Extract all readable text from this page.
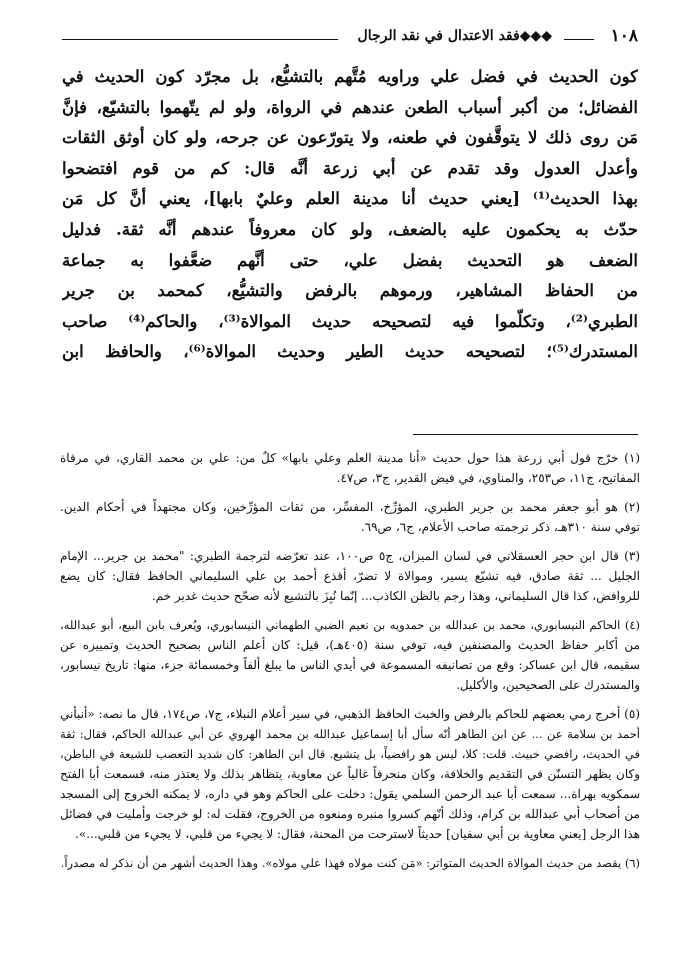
١٠٨
◆◆◆فقد الاعتدال في نقد الرجال
كون الحديث في فضل علي وراويه مُتَّهم بالتشيُّع، بل مجرّد كون الحديث في
الفضائل؛ من أكبر أسباب الطعن عندهم في الرواة، ولو لم يتّهموا بالتشيّع، فإنَّ
مَن روى ذلك لا يتوقَّفون في طعنه، ولا يتورّعون عن جرحه، ولو كان أوثق الثقات
وأعدل العدول وقد تقدم عن أبي زرعة أنَّه قال: كم من قوم افتضحوا
بهذا الحديث⁽¹⁾ [يعني حديث أنا مدينة العلم وعليٌ بابها]، يعني أنَّ كل مَن
حدّث به يحكمون عليه بالضعف، ولو كان معروفاً عندهم أنَّه ثقة. فدليل
الضعف هو التحديث بفضل علي، حتى أنَّهم ضعَّفوا به جماعة
من الحفاظ المشاهير، ورموهم بالرفض والتشيُّع، كمحمد بن جرير
الطبري⁽²⁾، وتكلّموا فيه لتصحيحه حديث الموالاة⁽³⁾، والحاكم⁽⁴⁾ صاحب
المستدرك⁽⁵⁾؛ لتصحيحه حديث الطير وحديث الموالاة⁽⁶⁾، والحافظ ابن
(١) خرّج قول أبي زرعة هذا حول حديث «أنا مدينة العلم وعلي بابها» كلٌ من: علي بن محمد القاري، في مرقاة
المفاتيح، ج١١، ص٢٥٣، والمناوي، في فيض القدير، ج٣، ص٤٧.
(٢) هو أبو جعفر محمد بن جرير الطبري، المؤرِّخ، المفسِّر، من ثقات المؤرِّخين، وكان مجتهداً في أحكام الدين.
توفي سنة ٣١٠هـ، ذكر ترجمته صاحب الأعلام، ج٦، ص٦٩.
(٣) قال ابن حجر العسقلاني في لسان الميزان، ج٥ ص١٠٠، عند تعرّضه لترجمة الطبري: "محمد بن جرير... الإمام
الجليل ... ثقة صادق، فيه تشيّع يسير، وموالاة لا تضرّ، أقذع أحمد بن علي السليماني الحافظ فقال: كان يضع
للروافض، كذا قال السليماني، وهذا رجم بالظن الكاذب... إنّما نُبِزَ بالتشيع لأنه صحّح حديث غدير خم.
(٤) الحاكم النيسابوري، محمد بن عبدالله بن حمدويه بن نعيم الضبي الطهماني النيسابوري، ويُعرف بابن البيع، أبو عبدالله،
من أكابر حفاظ الحديث والمصنفين فيه، توفي سنة (٤٠٥هـ)، قيل: كان أعلم الناس بصحيح الحديث وتمييزه عن
سقيمه، قال ابن عساكر: وقع من تصانيفه المسموعة في أيدي الناس ما يبلغ ألفاً وخمسمائة جزء، منها: تاريخ نيسابور،
والمستدرك على الصحيحين، والأكليل.
(٥) أخرج رمي بعضهم للحاكم بالرفض والخبث الحافظ الذهبي، في سير أعلام النبلاء، ج٧، ص١٧٤، قال ما نصه: «أنبأني
أحمد بن سلامة عن ... عن ابن الطاهر أنّه سأل أبا إسماعيل عبدالله بن محمد الهروي عن أبي عبدالله الحاكم، فقال: ثقة
في الحديث، رافضي خبيث. قلت: كلا، ليس هو رافضياً، بل يتشيع. قال ابن الطاهر: كان شديد التعصب للشيعة في الباطن،
وكان يظهر التسنّن في التقديم والخلافة، وكان منحرفاً غالياً عن معاوية، يتظاهر بذلك ولا يعتذر منه، فسمعت أبا الفتح
سمكويه بهراة... سمعت أبا عبد الرحمن السلمي يقول: دخلت على الحاكم وهو في داره، لا يمكنه الخروج إلى المسجد
من أصحاب أبي عبدالله بن كرام، وذلك أنّهم كسروا منبره ومنعوه من الخروج، فقلت له: لو خرجت وأمليت في فضائل
هذا الرجل [يعني معاوية بن أبي سفيان] حديثاً لاسترحت من المحنة، فقال: لا يجيء من قلبي، لا يجيء من قلبي...».
(٦) يقصد من حديث الموالاة الحديث المتواتر: «مَن كنت مولاه فهذا علي مولاه». وهذا الحديث أشهر من أن نذكر له مصدراً.
